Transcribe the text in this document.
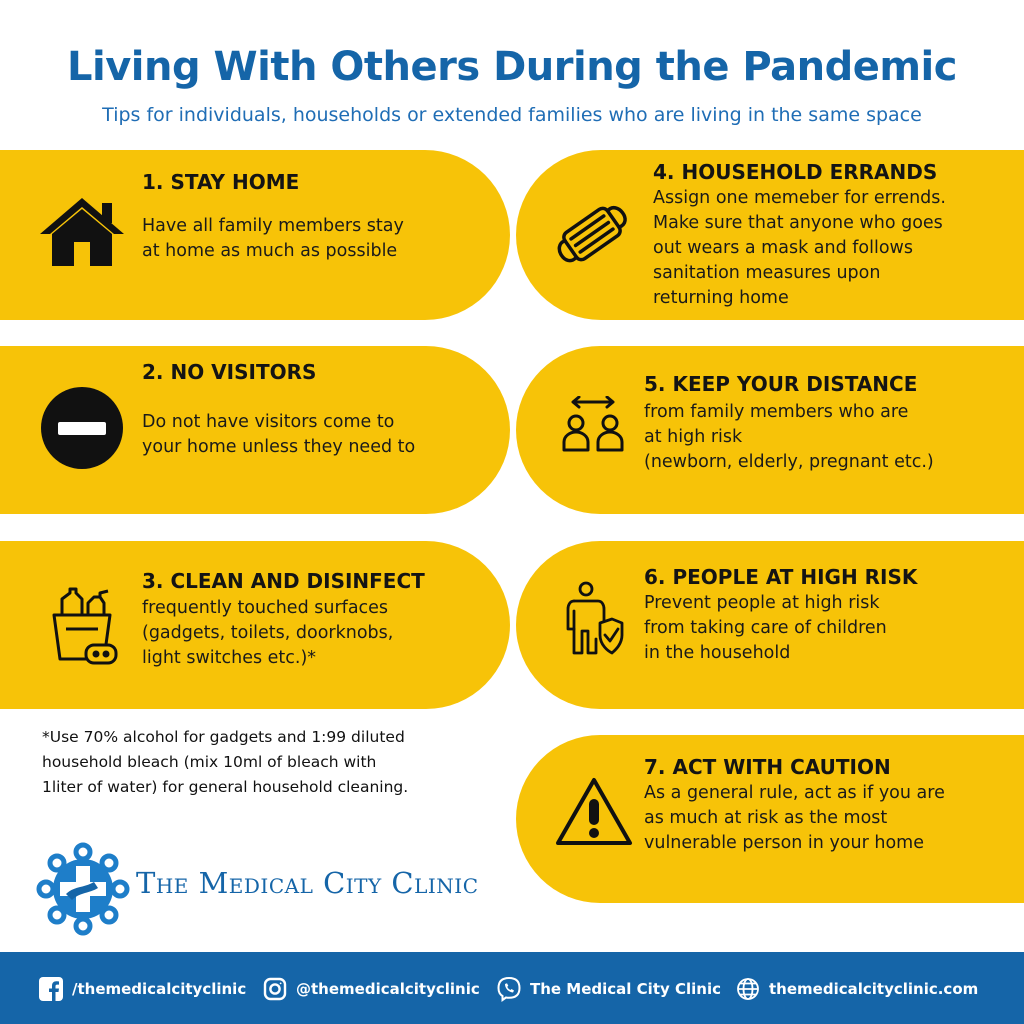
Living With Others During the Pandemic
Tips for individuals, households or extended families who are living in the same space
1. STAY HOME
Have all family members stay
at home as much as possible
2. NO VISITORS
Do not have visitors come to
your home unless they need to
3. CLEAN AND DISINFECT
frequently touched surfaces
(gadgets, toilets, doorknobs,
light switches etc.)*
4. HOUSEHOLD ERRANDS
Assign one memeber for errends.
Make sure that anyone who goes
out wears a mask and follows
sanitation measures upon
returning home
5. KEEP YOUR DISTANCE
from family members who are
at high risk
(newborn, elderly, pregnant etc.)
6. PEOPLE AT HIGH RISK
Prevent people at high risk
from taking care of children
in the household
7. ACT WITH CAUTION
As a general rule, act as if you are
as much at risk as the most
vulnerable person in your home
*Use 70% alcohol for gadgets and 1:99 diluted
household bleach (mix 10ml of bleach with
1liter of water) for general household cleaning.
The Medical City Clinic
/themedicalcityclinic	@themedicalcityclinic	The Medical City Clinic	themedicalcityclinic.com
